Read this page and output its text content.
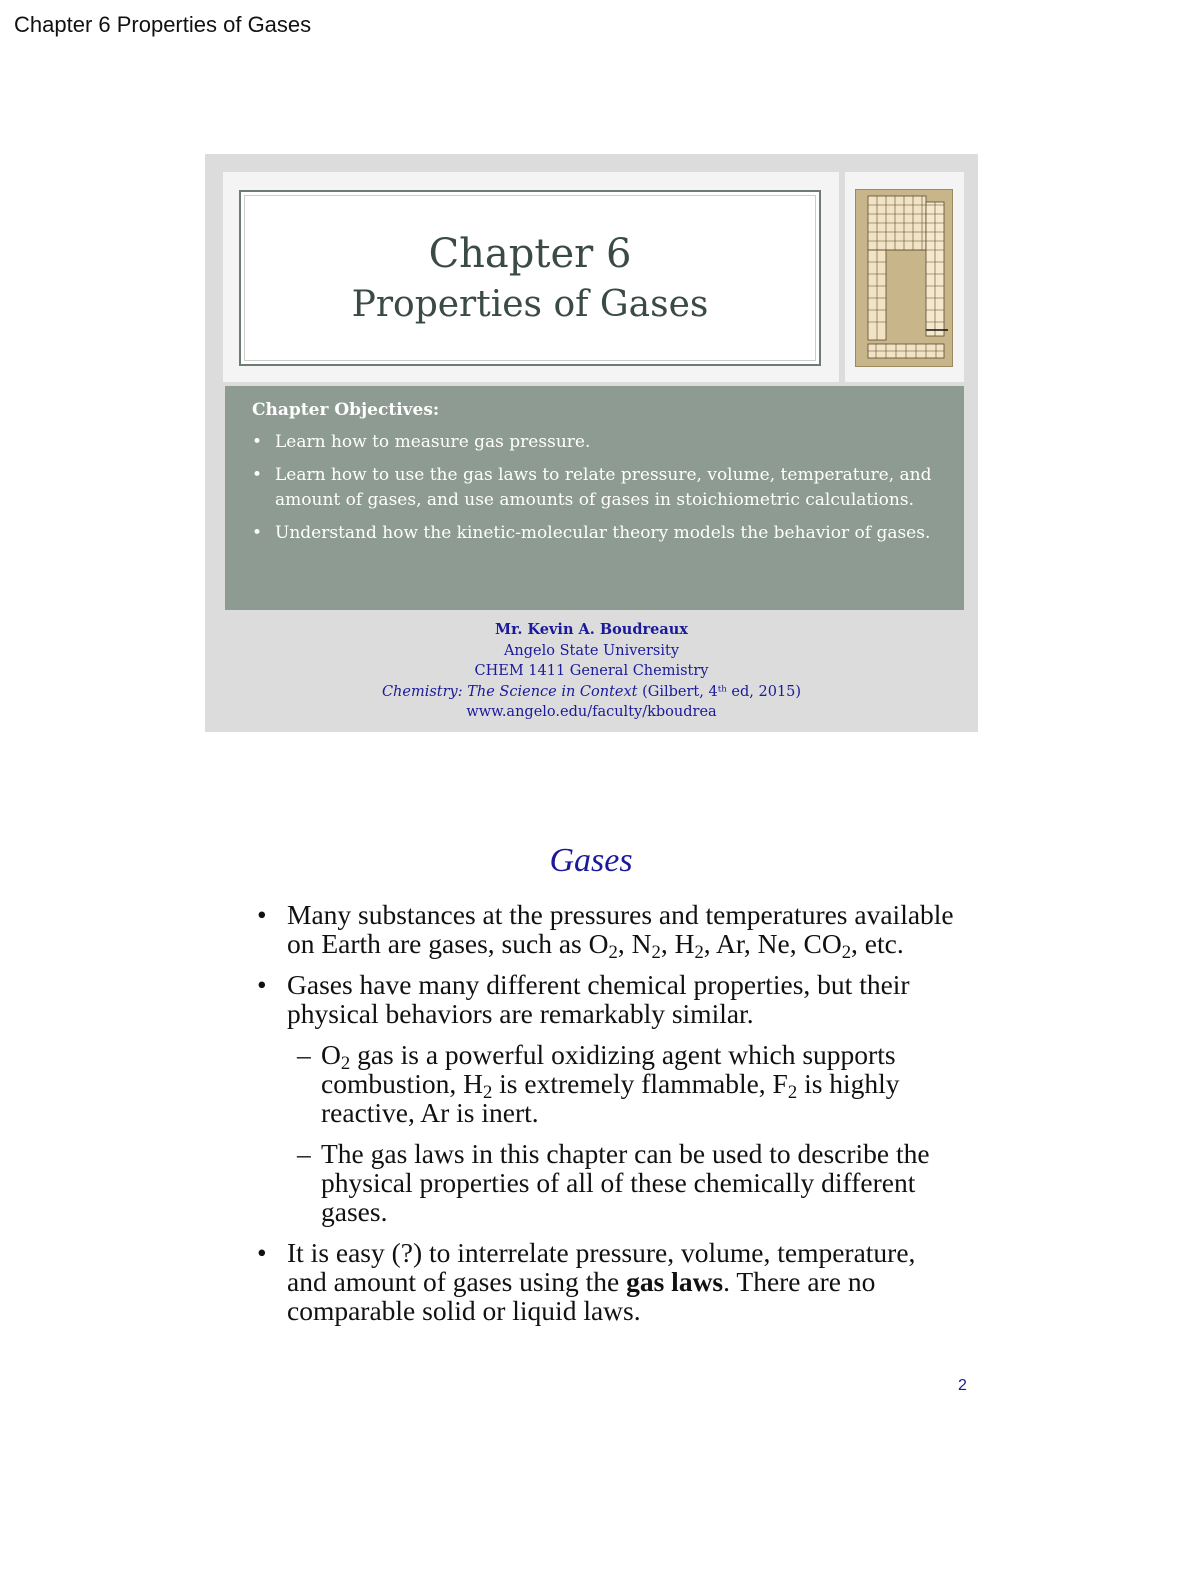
Chapter 6 Properties of Gases
Chapter 6
Properties of Gases
Chapter Objectives:
• Learn how to measure gas pressure.
• Learn how to use the gas laws to relate pressure, volume, temperature, and amount of gases, and use amounts of gases in stoichiometric calculations.
• Understand how the kinetic-molecular theory models the behavior of gases.
Mr. Kevin A. Boudreaux
Angelo State University
CHEM 1411 General Chemistry
Chemistry: The Science in Context (Gilbert, 4th ed, 2015)
www.angelo.edu/faculty/kboudrea
Gases
• Many substances at the pressures and temperatures available on Earth are gases, such as $O_2$, $N_2$, $H_2$, Ar, Ne, $CO_2$, etc.
• Gases have many different chemical properties, but their physical behaviors are remarkably similar.
– $O_2$ gas is a powerful oxidizing agent which supports combustion, $H_2$ is extremely flammable, $F_2$ is highly reactive, Ar is inert.
– The gas laws in this chapter can be used to describe the physical properties of all of these chemically different gases.
• It is easy (?) to interrelate pressure, volume, temperature, and amount of gases using the gas laws. There are no comparable solid or liquid laws.
2
